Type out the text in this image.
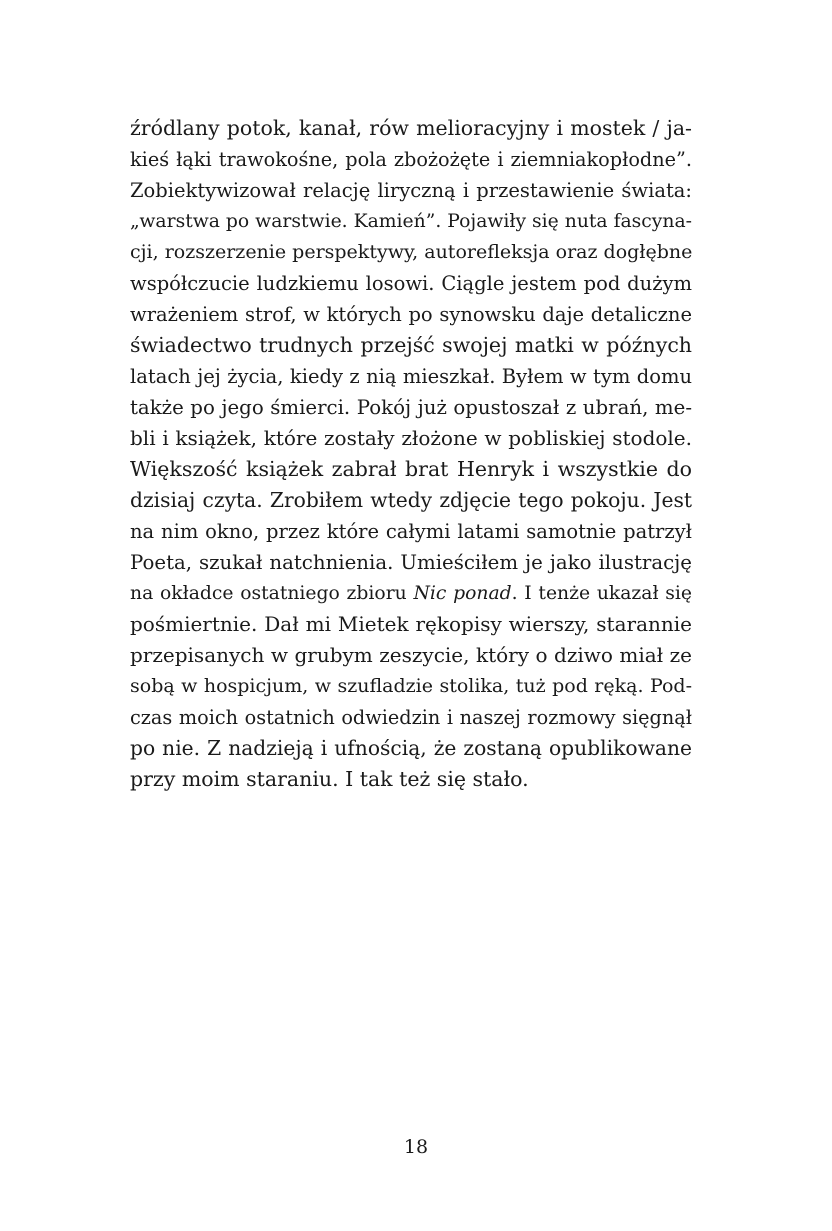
źródlany potok, kanał, rów melioracyjny i mostek / ja-
kieś łąki trawokośne, pola zbożożęte i ziemniakopłodne”.
Zobiektywizował relację liryczną i przestawienie świata:
„warstwa po warstwie. Kamień”. Pojawiły się nuta fascyna-
cji, rozszerzenie perspektywy, autorefleksja oraz dogłębne
współczucie ludzkiemu losowi. Ciągle jestem pod dużym
wrażeniem strof, w których po synowsku daje detaliczne
świadectwo trudnych przejść swojej matki w późnych
latach jej życia, kiedy z nią mieszkał. Byłem w tym domu
także po jego śmierci. Pokój już opustoszał z ubrań, me-
bli i książek, które zostały złożone w pobliskiej stodole.
Większość książek zabrał brat Henryk i wszystkie do
dzisiaj czyta. Zrobiłem wtedy zdjęcie tego pokoju. Jest
na nim okno, przez które całymi latami samotnie patrzył
Poeta, szukał natchnienia. Umieściłem je jako ilustrację
na okładce ostatniego zbioru Nic ponad. I tenże ukazał się
pośmiertnie. Dał mi Mietek rękopisy wierszy, starannie
przepisanych w grubym zeszycie, który o dziwo miał ze
sobą w hospicjum, w szufladzie stolika, tuż pod ręką. Pod-
czas moich ostatnich odwiedzin i naszej rozmowy sięgnął
po nie. Z nadzieją i ufnością, że zostaną opublikowane
przy moim staraniu. I tak też się stało.
18
